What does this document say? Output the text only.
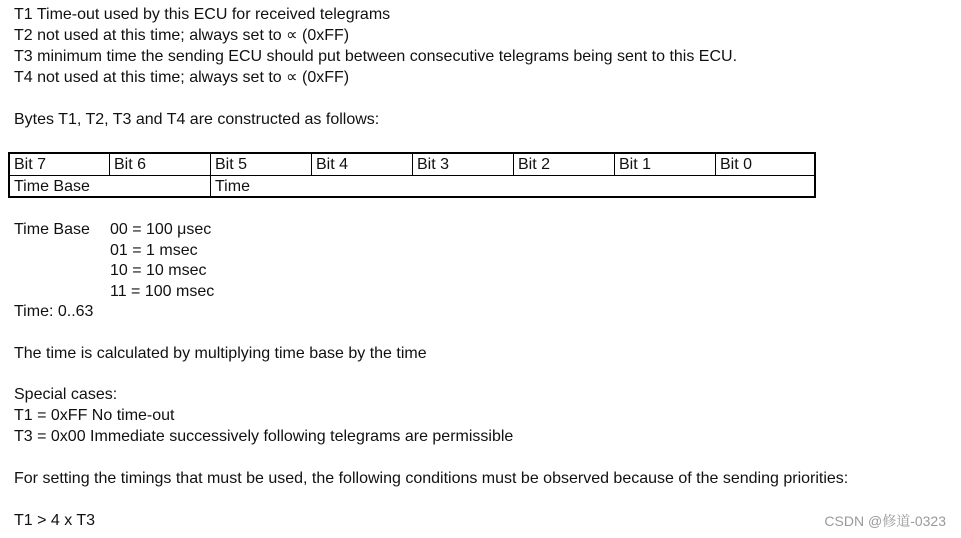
T1 Time-out used by this ECU for received telegrams
T2 not used at this time; always set to ∝ (0xFF)
T3 minimum time the sending ECU should put between consecutive telegrams being sent to this ECU.
T4 not used at this time; always set to ∝ (0xFF)
Bytes T1, T2, T3 and T4 are constructed as follows:
Bit 7	Bit 6	Bit 5	Bit 4	Bit 3	Bit 2	Bit 1	Bit 0
Time Base	Time
Time Base 00 = 100 μsec
01 = 1 msec
10 = 10 msec
11 = 100 msec
Time: 0..63
The time is calculated by multiplying time base by the time
Special cases:
T1 = 0xFF No time-out
T3 = 0x00 Immediate successively following telegrams are permissible
For setting the timings that must be used, the following conditions must be observed because of the sending priorities:
T1 > 4 x T3	CSDN @修道-0323
